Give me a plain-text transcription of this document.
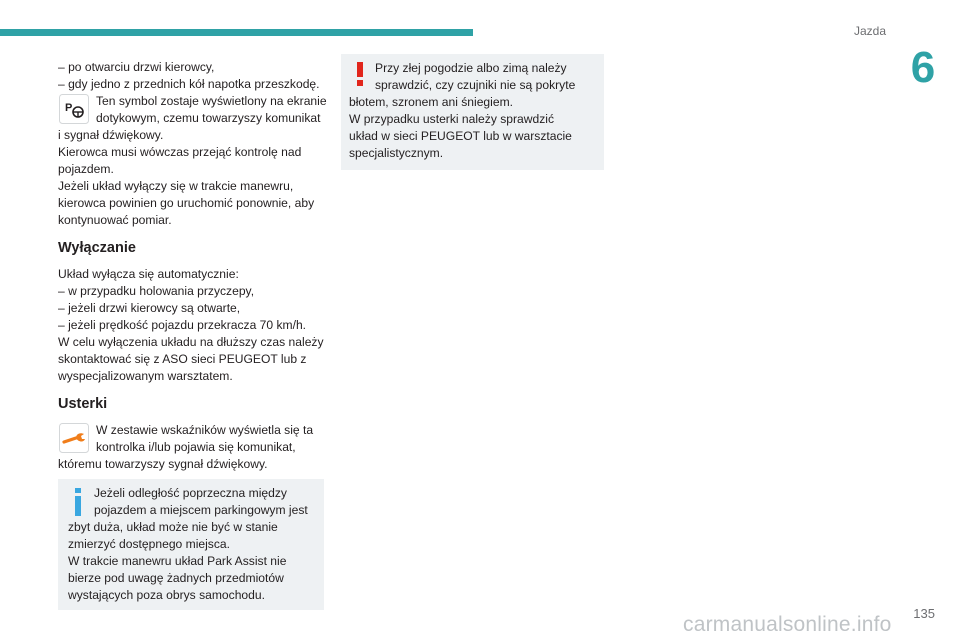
Jazda
6
– po otwarciu drzwi kierowcy,
– gdy jedno z przednich kół napotka przeszkodę.
P Ten symbol zostaje wyświetlony na ekranie
dotykowym, czemu towarzyszy komunikat
i sygnał dźwiękowy.
Kierowca musi wówczas przejąć kontrolę nad
pojazdem.
Jeżeli układ wyłączy się w trakcie manewru,
kierowca powinien go uruchomić ponownie, aby
kontynuować pomiar.
Wyłączanie
Układ wyłącza się automatycznie:
– w przypadku holowania przyczepy,
– jeżeli drzwi kierowcy są otwarte,
– jeżeli prędkość pojazdu przekracza 70 km/h.
W celu wyłączenia układu na dłuższy czas należy
skontaktować się z ASO sieci PEUGEOT lub z
wyspecjalizowanym warsztatem.
Usterki
W zestawie wskaźników wyświetla się ta
kontrolka i/lub pojawia się komunikat,
któremu towarzyszy sygnał dźwiękowy.
Jeżeli odległość poprzeczna między
pojazdem a miejscem parkingowym jest
zbyt duża, układ może nie być w stanie
zmierzyć dostępnego miejsca.
W trakcie manewru układ Park Assist nie
bierze pod uwagę żadnych przedmiotów
wystających poza obrys samochodu.
Przy złej pogodzie albo zimą należy
sprawdzić, czy czujniki nie są pokryte
błotem, szronem ani śniegiem.
W przypadku usterki należy sprawdzić
układ w sieci PEUGEOT lub w warsztacie
specjalistycznym.
135
carmanualsonline.info
